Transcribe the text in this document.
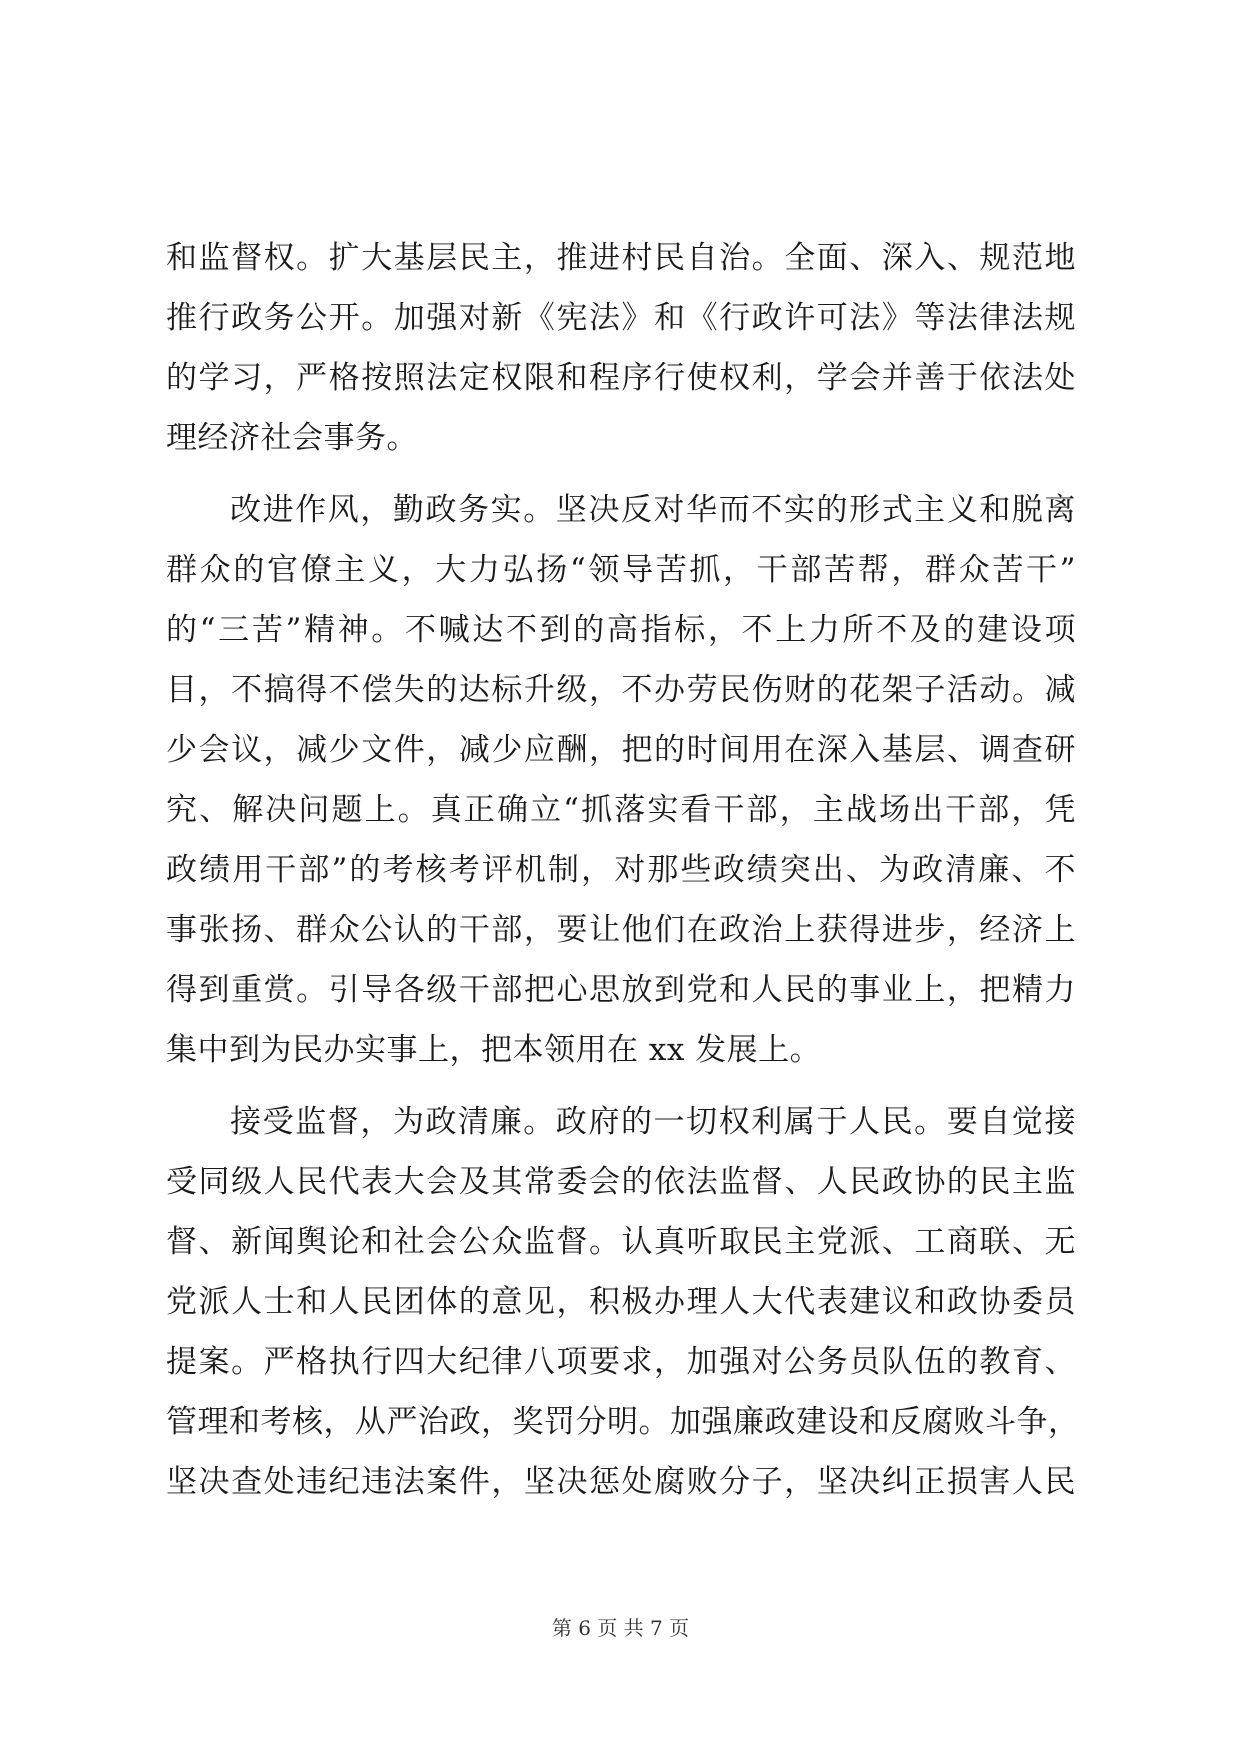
和监督权。扩大基层民主，推进村民自治。全面、深入、规范地
推行政务公开。加强对新《宪法》和《行政许可法》等法律法规
的学习，严格按照法定权限和程序行使权利，学会并善于依法处
理经济社会事务。
改进作风，勤政务实。坚决反对华而不实的形式主义和脱离
群众的官僚主义，大力弘扬“领导苦抓，干部苦帮，群众苦干”
的“三苦”精神。不喊达不到的高指标，不上力所不及的建设项
目，不搞得不偿失的达标升级，不办劳民伤财的花架子活动。减
少会议，减少文件，减少应酬，把的时间用在深入基层、调查研
究、解决问题上。真正确立“抓落实看干部，主战场出干部，凭
政绩用干部”的考核考评机制，对那些政绩突出、为政清廉、不
事张扬、群众公认的干部，要让他们在政治上获得进步，经济上
得到重赏。引导各级干部把心思放到党和人民的事业上，把精力
集中到为民办实事上，把本领用在 xx 发展上。
接受监督，为政清廉。政府的一切权利属于人民。要自觉接
受同级人民代表大会及其常委会的依法监督、人民政协的民主监
督、新闻舆论和社会公众监督。认真听取民主党派、工商联、无
党派人士和人民团体的意见，积极办理人大代表建议和政协委员
提案。严格执行四大纪律八项要求，加强对公务员队伍的教育、
管理和考核，从严治政，奖罚分明。加强廉政建设和反腐败斗争，
坚决查处违纪违法案件，坚决惩处腐败分子，坚决纠正损害人民
第 6 页 共 7 页
